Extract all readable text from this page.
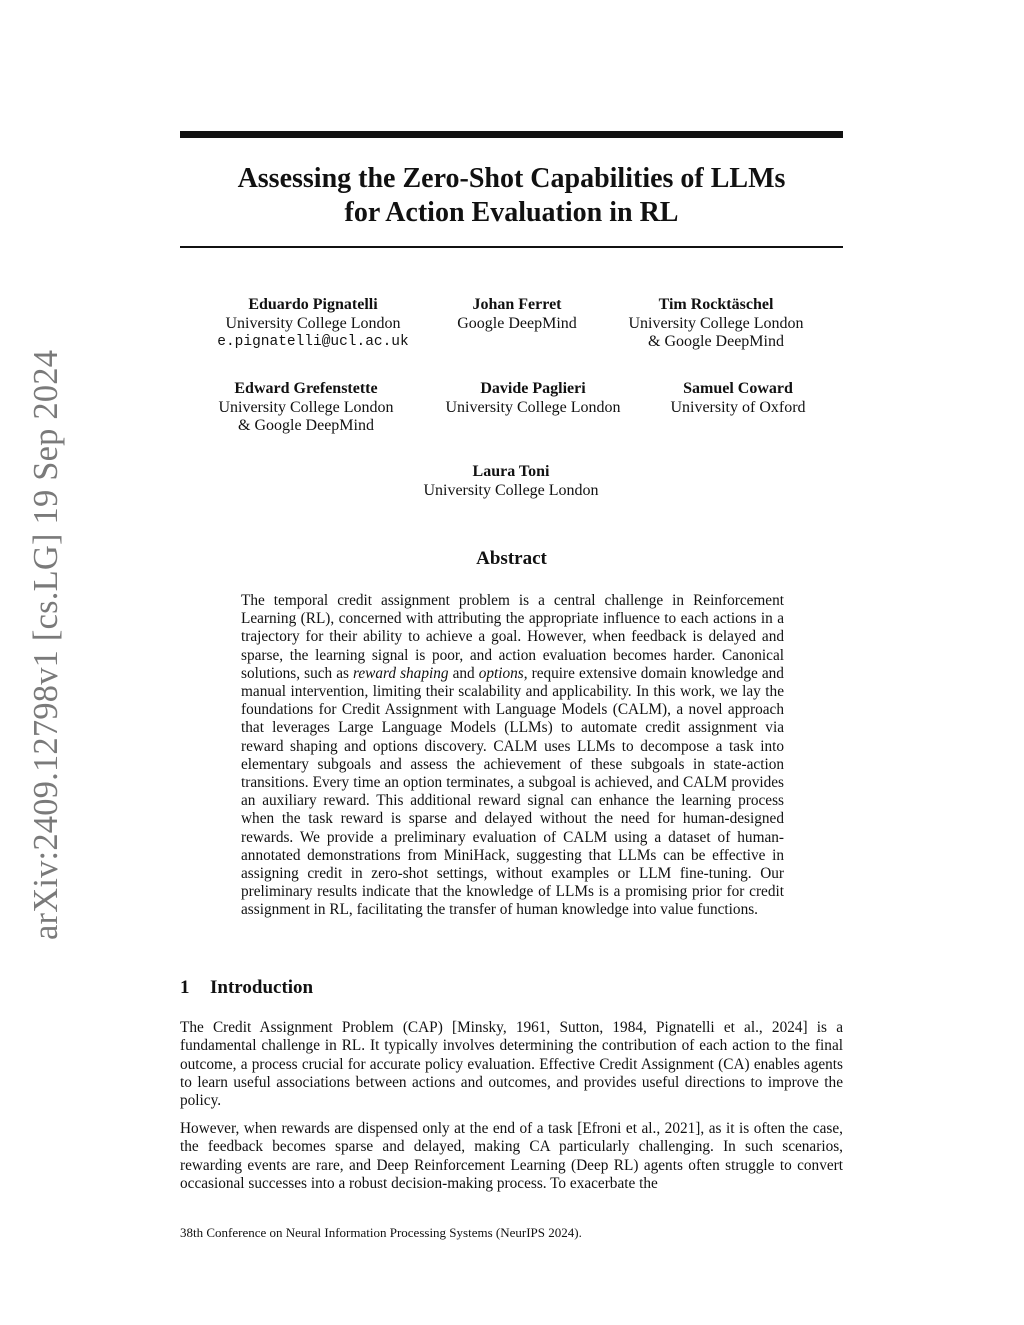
arXiv:2409.12798v1 [cs.LG] 19 Sep 2024
Assessing the Zero-Shot Capabilities of LLMs
for Action Evaluation in RL
Eduardo Pignatelli
University College London
e.pignatelli@ucl.ac.uk
Johan Ferret
Google DeepMind
Tim Rocktäschel
University College London
& Google DeepMind
Edward Grefenstette
University College London
& Google DeepMind
Davide Paglieri
University College London
Samuel Coward
University of Oxford
Laura Toni
University College London
Abstract
The temporal credit assignment problem is a central challenge in Reinforcement Learning (RL), concerned with attributing the appropriate influence to each actions in a trajectory for their ability to achieve a goal. However, when feedback is delayed and sparse, the learning signal is poor, and action evaluation becomes harder. Canonical solutions, such as reward shaping and options, require extensive domain knowledge and manual intervention, limiting their scalability and applicability. In this work, we lay the foundations for Credit Assignment with Language Models (CALM), a novel approach that leverages Large Language Models (LLMs) to automate credit assignment via reward shaping and options discovery. CALM uses LLMs to decompose a task into elementary subgoals and assess the achievement of these subgoals in state-action transitions. Every time an option terminates, a subgoal is achieved, and CALM provides an auxiliary reward. This additional reward signal can enhance the learning process when the task reward is sparse and delayed without the need for human-designed rewards. We provide a preliminary evaluation of CALM using a dataset of human-annotated demonstrations from MiniHack, suggesting that LLMs can be effective in assigning credit in zero-shot settings, without examples or LLM fine-tuning. Our preliminary results indicate that the knowledge of LLMs is a promising prior for credit assignment in RL, facilitating the transfer of human knowledge into value functions.
1 Introduction

The Credit Assignment Problem (CAP) [Minsky, 1961, Sutton, 1984, Pignatelli et al., 2024] is a fundamental challenge in RL. It typically involves determining the contribution of each action to the final outcome, a process crucial for accurate policy evaluation. Effective Credit Assignment (CA) enables agents to learn useful associations between actions and outcomes, and provides useful directions to improve the policy.

However, when rewards are dispensed only at the end of a task [Efroni et al., 2021], as it is often the case, the feedback becomes sparse and delayed, making CA particularly challenging. In such scenarios, rewarding events are rare, and Deep Reinforcement Learning (Deep RL) agents often struggle to convert occasional successes into a robust decision-making process. To exacerbate the

38th Conference on Neural Information Processing Systems (NeurIPS 2024).
